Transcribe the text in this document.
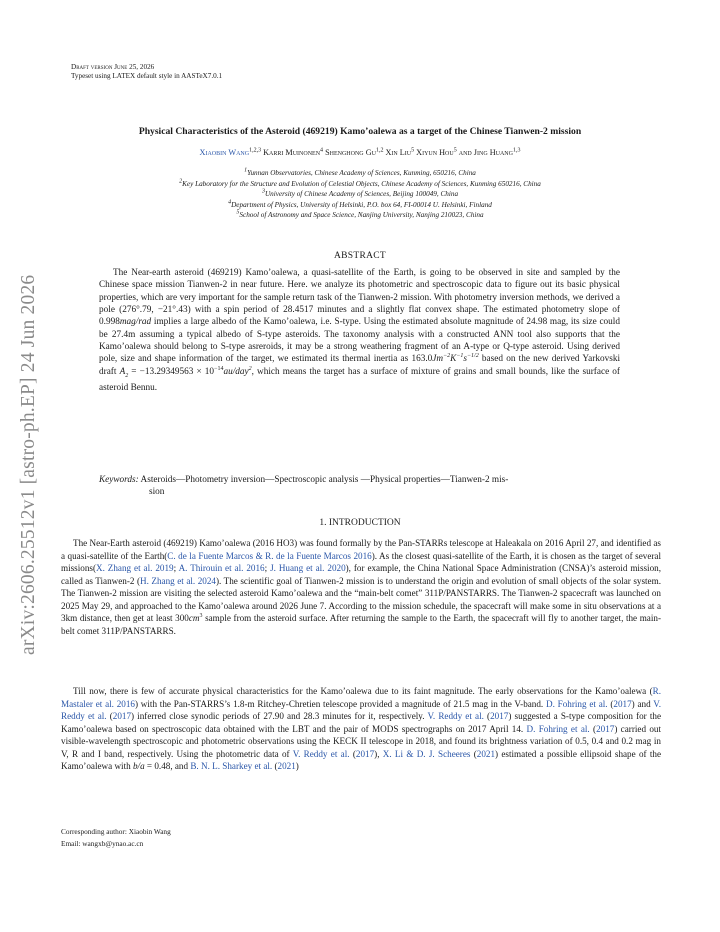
arXiv:2606.25512v1 [astro-ph.EP] 24 Jun 2026
Draft version June 25, 2026
Typeset using LATEX default style in AASTeX7.0.1
Physical Characteristics of the Asteroid (469219) Kamo’oalewa as a target of the Chinese Tianwen-2 mission
Xiaobin Wang$^{1,2,3}$ Karri Muinonen$^4$ Shenghong Gu$^{1,2}$ Xin Liu$^5$ Xiyun Hou$^5$ and Jing Huang$^{1,3}$
$^1$Yunnan Observatories, Chinese Academy of Sciences, Kunming, 650216, China
$^2$Key Laboratory for the Structure and Evolution of Celestial Objects, Chinese Academy of Sciences, Kunming 650216, China
$^3$University of Chinese Academy of Sciences, Beijing 100049, China
$^4$Department of Physics, University of Helsinki, P.O. box 64, FI-00014 U. Helsinki, Finland
$^5$School of Astronomy and Space Science, Nanjing University, Nanjing 210023, China
ABSTRACT
The Near-earth asteroid (469219) Kamo’oalewa, a quasi-satellite of the Earth, is going to be observed in site and sampled by the Chinese space mission Tianwen-2 in near future. Here. we analyze its photometric and spectroscopic data to figure out its basic physical properties, which are very important for the sample return task of the Tianwen-2 mission. With photometry inversion methods, we derived a pole (276°.79, −21°.43) with a spin period of 28.4517 minutes and a slightly flat convex shape. The estimated photometry slope of 0.998mag/rad implies a large albedo of the Kamo’oalewa, i.e. S-type. Using the estimated absolute magnitude of 24.98 mag, its size could be 27.4m assuming a typical albedo of S-type asteroids. The taxonomy analysis with a constructed ANN tool also supports that the Kamo’oalewa should belong to S-type asreroids, it may be a strong weathering fragment of an A-type or Q-type asteroid. Using derived pole, size and shape information of the target, we estimated its thermal inertia as $163.0Jm^{-2}K^{-1}s^{-1/2}$ based on the new derived Yarkovski draft $A_2 = -13.29349563 \times 10^{-14}au/day^2$, which means the target has a surface of mixture of grains and small bounds, like the surface of asteroid Bennu.
Keywords: Asteroids—Photometry inversion—Spectroscopic analysis —Physical properties—Tianwen-2 mis-
sion
1. INTRODUCTION
The Near-Earth asteroid (469219) Kamo’oalewa (2016 HO3) was found formally by the Pan-STARRs telescope at Haleakala on 2016 April 27, and identified as a quasi-satellite of the Earth(C. de la Fuente Marcos & R. de la Fuente Marcos 2016). As the closest quasi-satellite of the Earth, it is chosen as the target of several missions(X. Zhang et al. 2019; A. Thirouin et al. 2016; J. Huang et al. 2020), for example, the China National Space Administration (CNSA)’s asteroid mission, called as Tianwen-2 (H. Zhang et al. 2024). The scientific goal of Tianwen-2 mission is to understand the origin and evolution of small objects of the solar system. The Tianwen-2 mission are visiting the selected asteroid Kamo’oalewa and the “main-belt comet” 311P/PANSTARRS. The Tianwen-2 spacecraft was launched on 2025 May 29, and approached to the Kamo’oalewa around 2026 June 7. According to the mission schedule, the spacecraft will make some in situ observations at a 3km distance, then get at least $300cm^3$ sample from the asteroid surface. After returning the sample to the Earth, the spacecraft will fly to another target, the main-belt comet 311P/PANSTARRS.
Till now, there is few of accurate physical characteristics for the Kamo’oalewa due to its faint magnitude. The early observations for the Kamo’oalewa (R. Mastaler et al. 2016) with the Pan-STARRS’s 1.8-m Ritchey-Chretien telescope provided a magnitude of 21.5 mag in the V-band. D. Fohring et al. (2017) and V. Reddy et al. (2017) inferred close synodic periods of 27.90 and 28.3 minutes for it, respectively. V. Reddy et al. (2017) suggested a S-type composition for the Kamo’oalewa based on spectroscopic data obtained with the LBT and the pair of MODS spectrographs on 2017 April 14. D. Fohring et al. (2017) carried out visible-wavelength spectroscopic and photometric observations using the KECK II telescope in 2018, and found its brightness variation of 0.5, 0.4 and 0.2 mag in V, R and I band, respectively. Using the photometric data of V. Reddy et al. (2017), X. Li & D. J. Scheeres (2021) estimated a possible ellipsoid shape of the Kamo’oalewa with b/a = 0.48, and B. N. L. Sharkey et al. (2021)
Corresponding author: Xiaobin Wang
Email: wangxb@ynao.ac.cn
